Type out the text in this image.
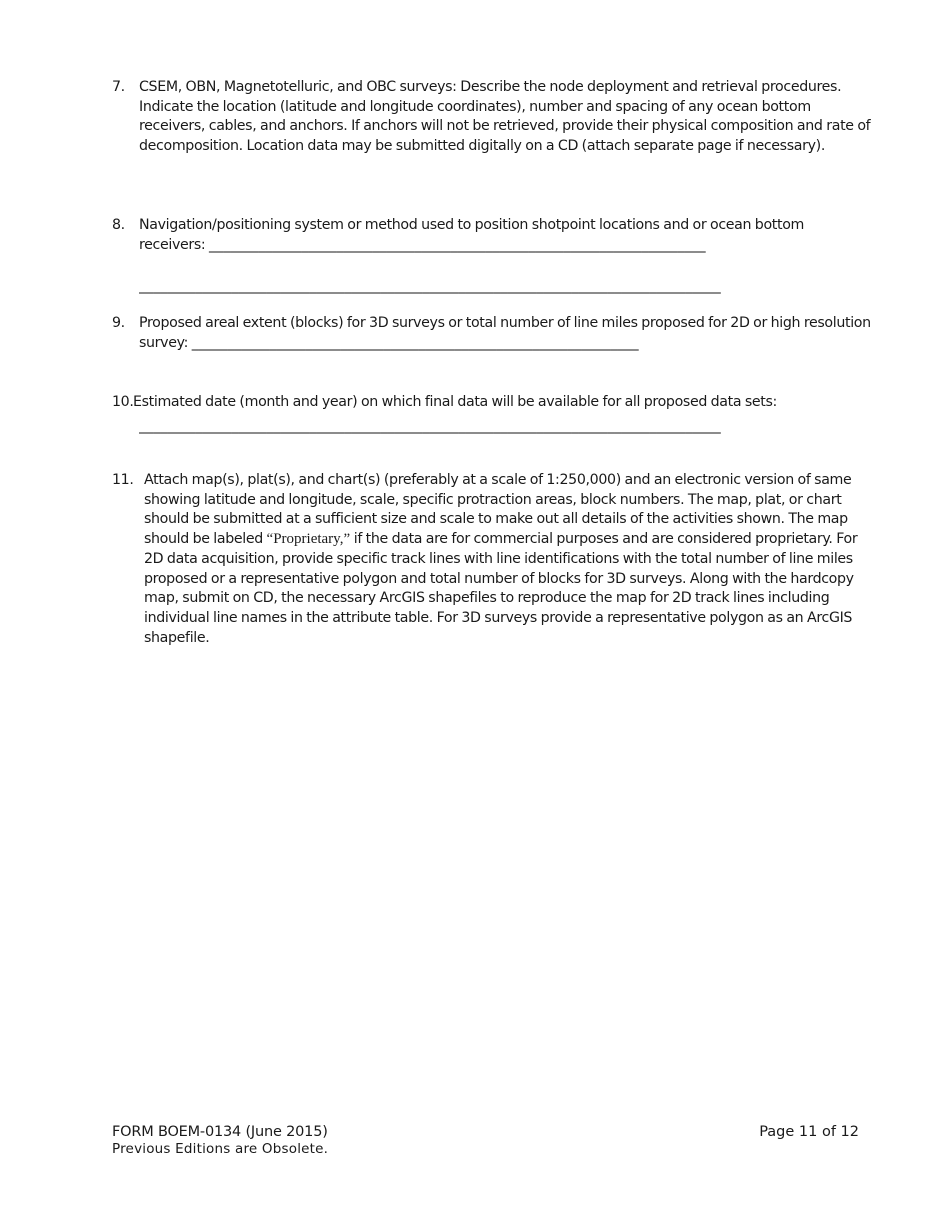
7. CSEM, OBN, Magnetotelluric, and OBC surveys: Describe the node deployment and retrieval procedures. Indicate the location (latitude and longitude coordinates), number and spacing of any ocean bottom receivers, cables, and anchors. If anchors will not be retrieved, provide their physical composition and rate of decomposition. Location data may be submitted digitally on a CD (attach separate page if necessary).
8. Navigation/positioning system or method used to position shotpoint locations and or ocean bottom receivers: ______________________________________________________________________
__________________________________________________________________________________
9. Proposed areal extent (blocks) for 3D surveys or total number of line miles proposed for 2D or high resolution survey: _______________________________________________________________
10. Estimated date (month and year) on which final data will be available for all proposed data sets:
__________________________________________________________________________________
11. Attach map(s), plat(s), and chart(s) (preferably at a scale of 1:250,000) and an electronic version of same showing latitude and longitude, scale, specific protraction areas, block numbers. The map, plat, or chart should be submitted at a sufficient size and scale to make out all details of the activities shown. The map should be labeled “Proprietary,” if the data are for commercial purposes and are considered proprietary. For 2D data acquisition, provide specific track lines with line identifications with the total number of line miles proposed or a representative polygon and total number of blocks for 3D surveys. Along with the hardcopy map, submit on CD, the necessary ArcGIS shapefiles to reproduce the map for 2D track lines including individual line names in the attribute table. For 3D surveys provide a representative polygon as an ArcGIS shapefile.
FORM BOEM-0134 (June 2015)
Previous Editions are Obsolete.
Page 11 of 12
